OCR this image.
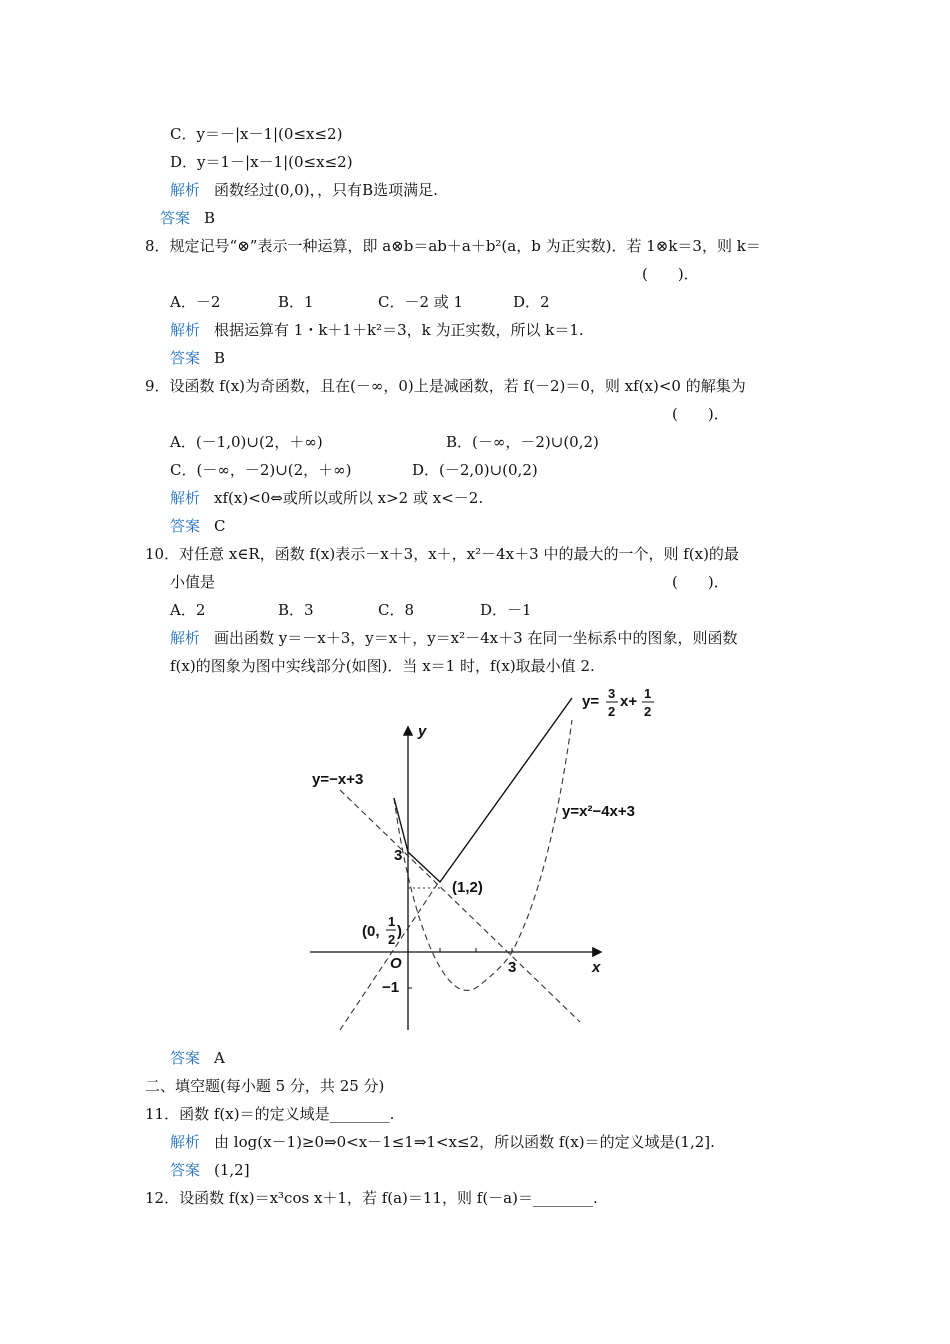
C．y＝－|x－1|(0≤x≤2)
D．y＝1－|x－1|(0≤x≤2)
解析 函数经过(0,0)，，只有B选项满足.
答案 B
8．规定记号“⊗”表示一种运算，即 a⊗b＝ab＋a＋b²(a，b 为正实数)．若 1⊗k＝3，则 k＝
(　　)．
A．－2	B．1	C．－2 或 1	D．2
解析 根据运算有 1・k＋1＋k²＝3，k 为正实数，所以 k＝1.
答案 B
9．设函数 f(x)为奇函数，且在(－∞，0)上是减函数，若 f(－2)＝0，则 xf(x)<0 的解集为
(　　)．
A．(－1,0)∪(2，＋∞)	B．(－∞，－2)∪(0,2)
C．(－∞，－2)∪(2，＋∞)	D．(－2,0)∪(0,2)
解析 xf(x)<0⇔或所以或所以 x>2 或 x<－2.
答案 C
10．对任意 x∈R，函数 f(x)表示－x＋3，x＋，x²－4x＋3 中的最大的一个，则 f(x)的最
小值是	(　　)．
A．2	B．3	C．8	D．－1
解析 画出函数 y＝－x＋3，y＝x＋，y＝x²－4x＋3 在同一坐标系中的图象，则函数
f(x)的图象为图中实线部分(如图)．当 x＝1 时，f(x)取最小值 2.
y=−x+3
y= 3
2
x+ 1
2
y=x²−4x+3
y
x
O
3
3
−1
(1,2)
(0,
1
2 )
答案 A
二、填空题(每小题 5 分，共 25 分)
11．函数 f(x)＝的定义域是________.
解析 由 log(x－1)≥0⇒0<x－1≤1⇒1<x≤2，所以函数 f(x)＝的定义域是(1,2].
答案 (1,2]
12．设函数 f(x)＝x³cos x＋1，若 f(a)＝11，则 f(－a)＝________.
